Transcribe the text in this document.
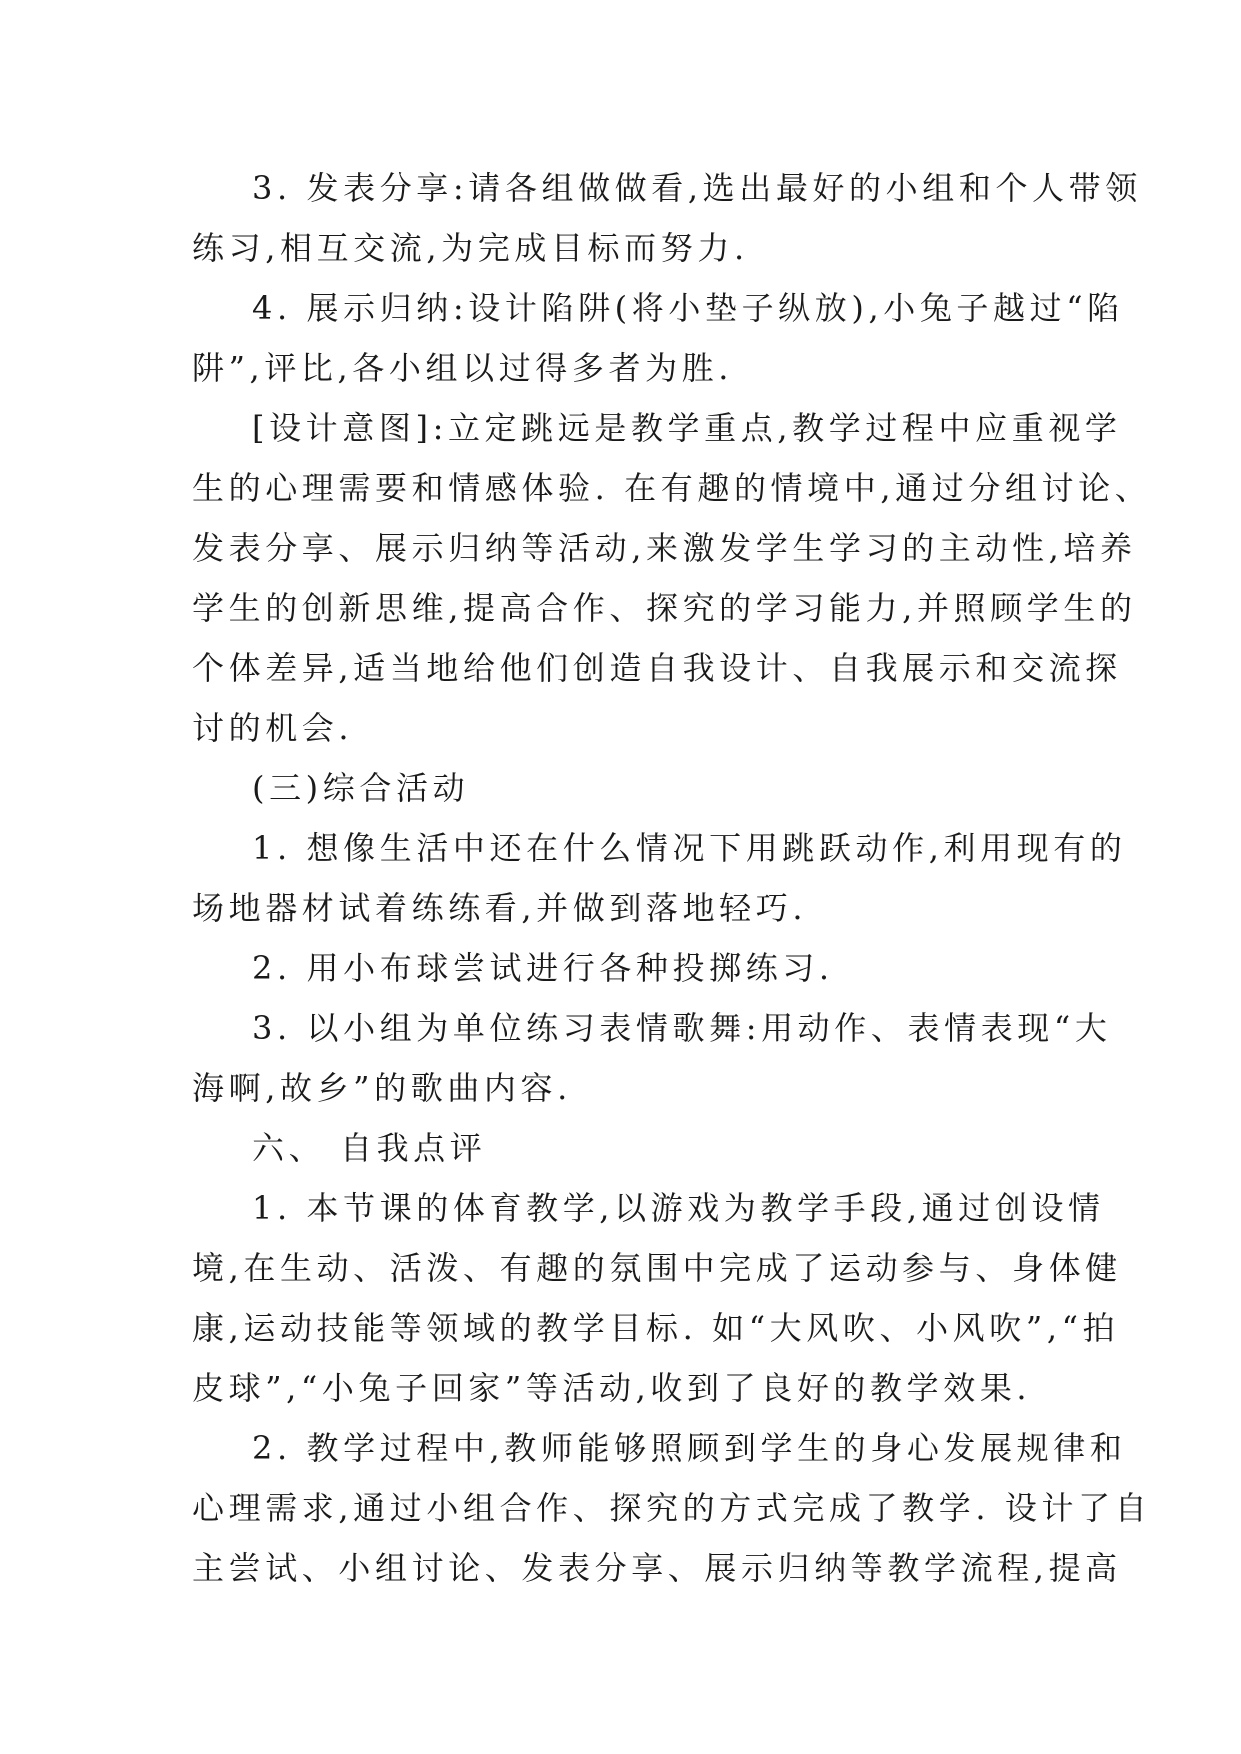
3. 发表分享:请各组做做看,选出最好的小组和个人带领
练习,相互交流,为完成目标而努力.
4. 展示归纳:设计陷阱(将小垫子纵放),小兔子越过“陷
阱”,评比,各小组以过得多者为胜.
[设计意图]:立定跳远是教学重点,教学过程中应重视学
生的心理需要和情感体验. 在有趣的情境中,通过分组讨论、
发表分享、展示归纳等活动,来激发学生学习的主动性,培养
学生的创新思维,提高合作、探究的学习能力,并照顾学生的
个体差异,适当地给他们创造自我设计、自我展示和交流探
讨的机会.
(三)综合活动
1. 想像生活中还在什么情况下用跳跃动作,利用现有的
场地器材试着练练看,并做到落地轻巧.
2. 用小布球尝试进行各种投掷练习.
3. 以小组为单位练习表情歌舞:用动作、表情表现“大
海啊,故乡”的歌曲内容.
六、 自我点评
1. 本节课的体育教学,以游戏为教学手段,通过创设情
境,在生动、活泼、有趣的氛围中完成了运动参与、身体健
康,运动技能等领域的教学目标. 如“大风吹、小风吹”,“拍
皮球”,“小兔子回家”等活动,收到了良好的教学效果.
2. 教学过程中,教师能够照顾到学生的身心发展规律和
心理需求,通过小组合作、探究的方式完成了教学. 设计了自
主尝试、小组讨论、发表分享、展示归纳等教学流程,提高
